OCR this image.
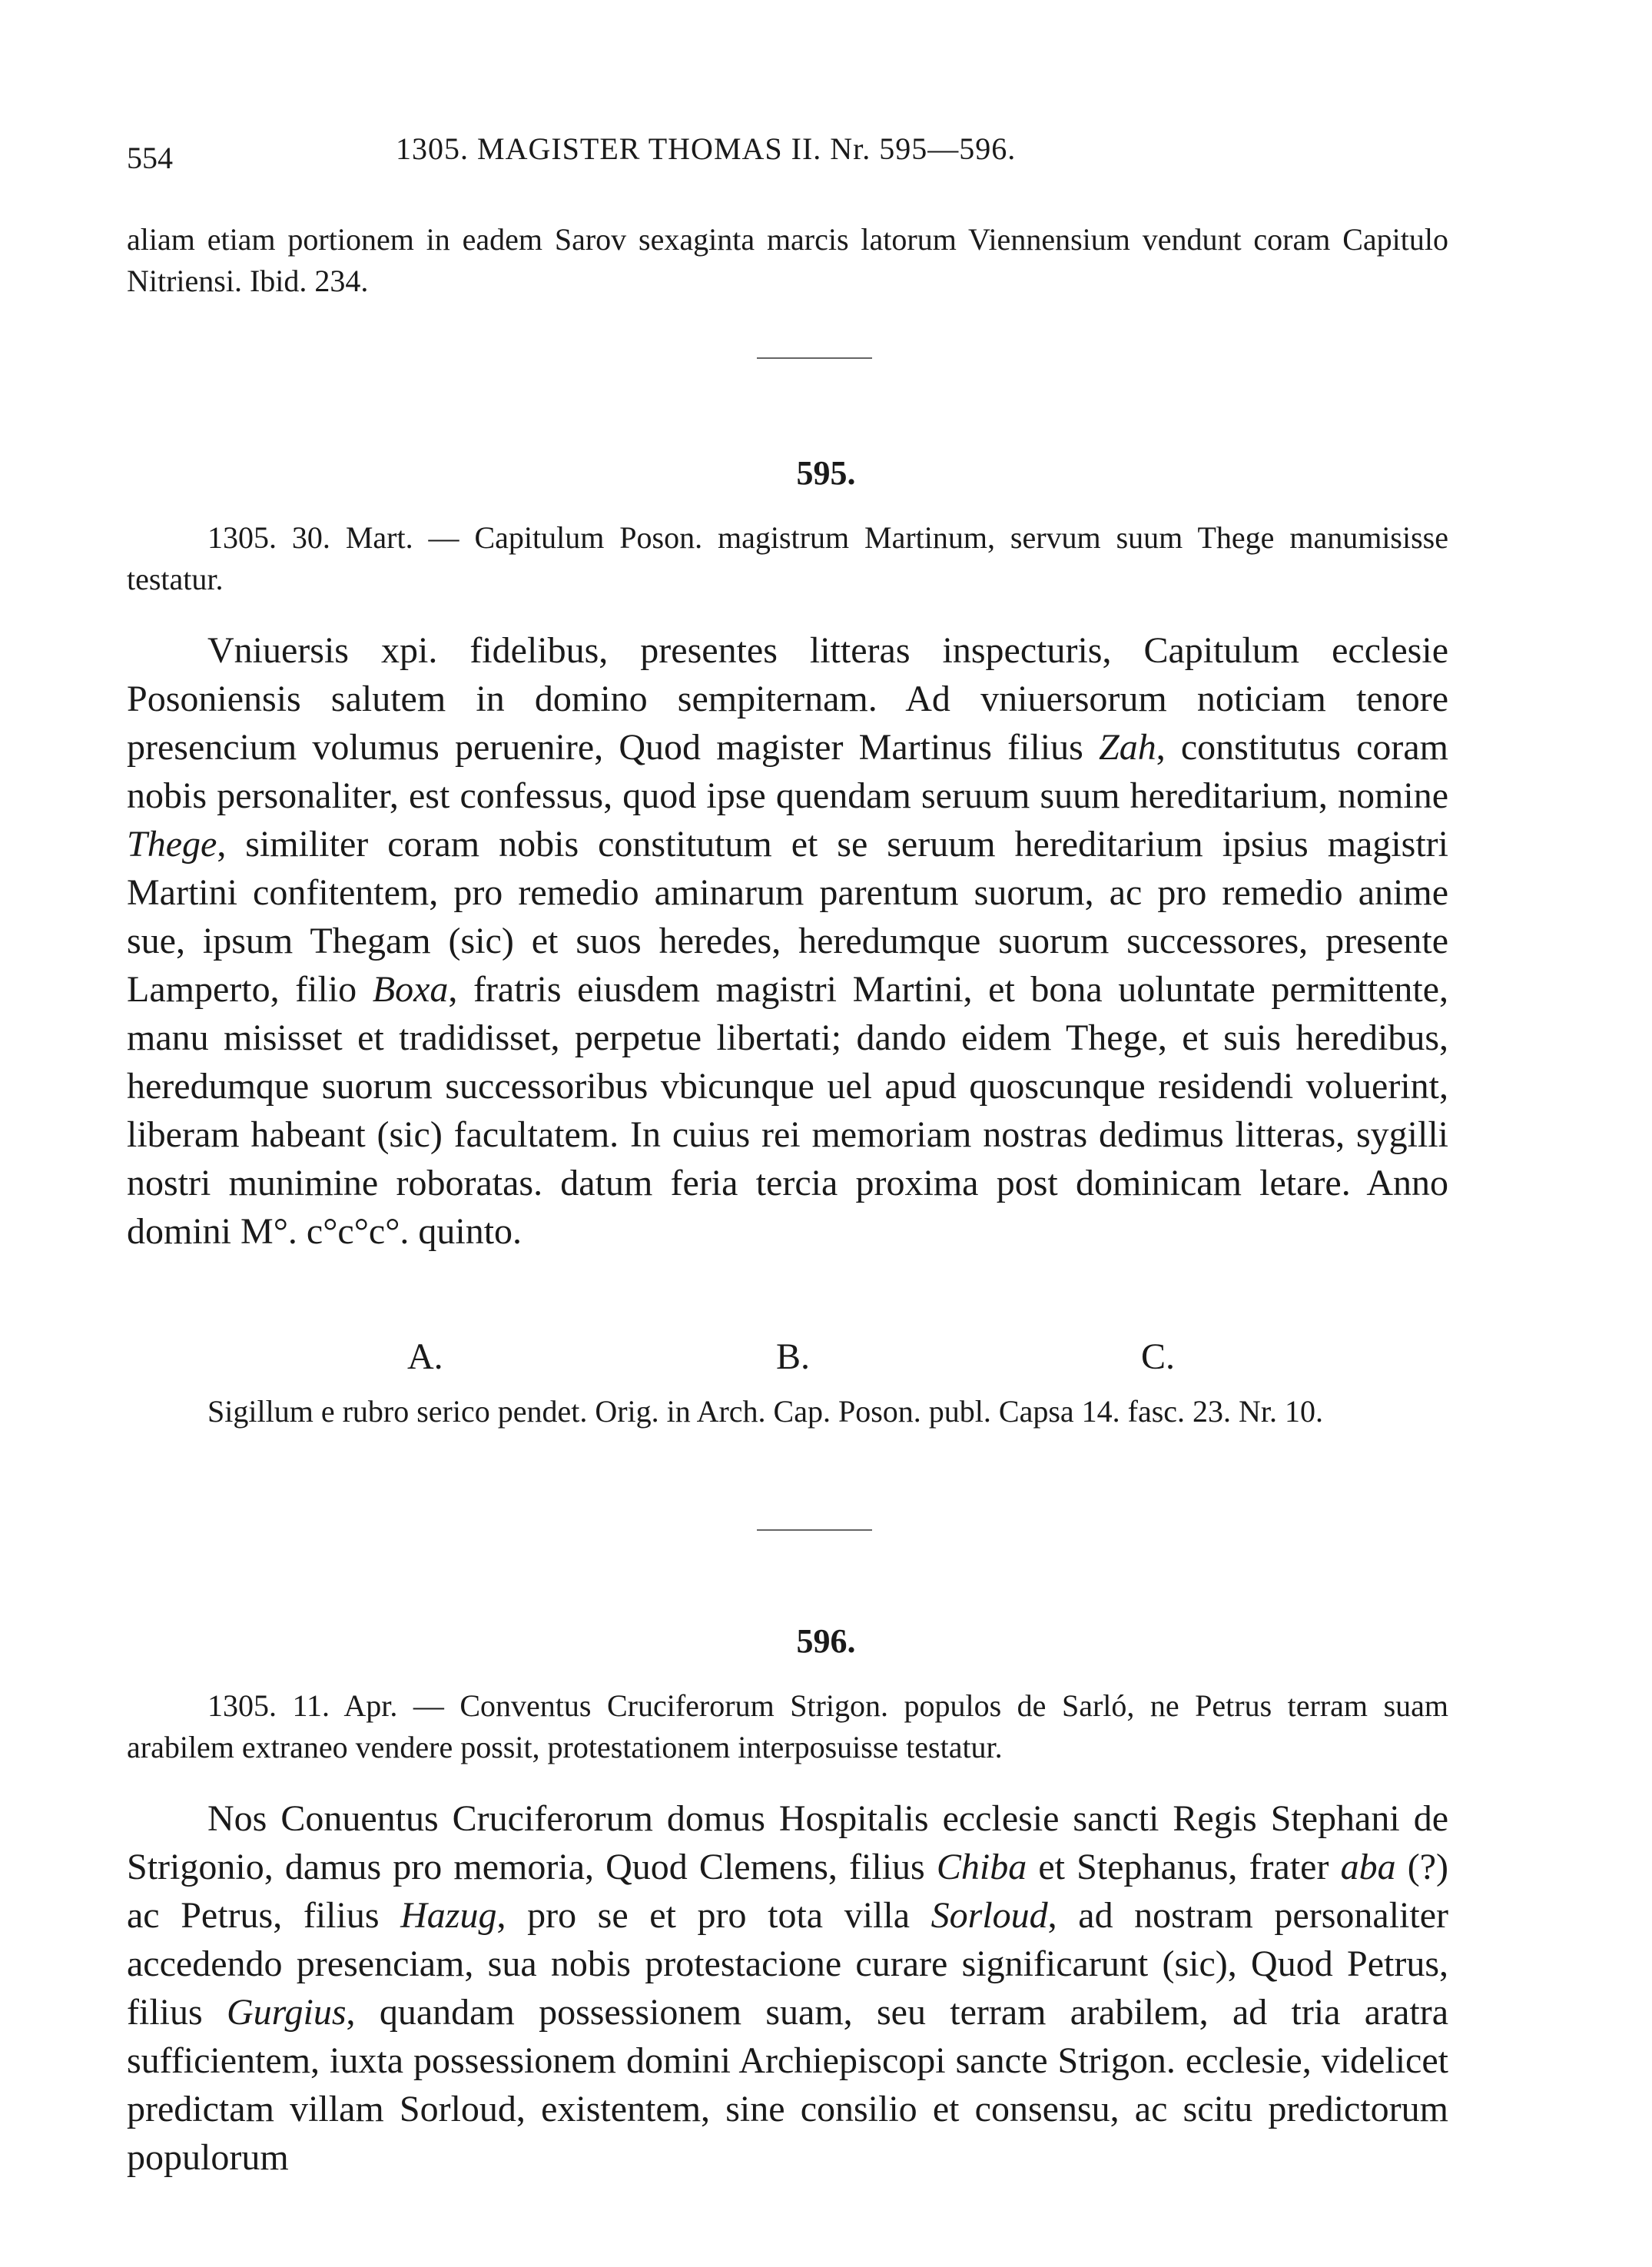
554	1305. MAGISTER THOMAS II. Nr. 595—596.
aliam etiam portionem in eadem Sarov sexaginta marcis latorum Viennensium vendunt coram Capitulo Nitriensi. Ibid. 234.
595.
1305. 30. Mart. — Capitulum Poson. magistrum Martinum, servum suum Thege manumisisse testatur.

Vniuersis xpi. fidelibus, presentes litteras inspecturis, Capitulum ecclesie Posoniensis salutem in domino sempiternam. Ad vniuersorum noticiam tenore presencium volumus peruenire, Quod magister Martinus filius Zah, constitutus coram nobis personaliter, est confessus, quod ipse quendam seruum suum hereditarium, nomine Thege, similiter coram nobis constitutum et se seruum hereditarium ipsius magistri Martini confitentem, pro remedio aminarum parentum suorum, ac pro remedio anime sue, ipsum Thegam (sic) et suos heredes, heredumque suorum successores, presente Lamperto, filio Boxa, fratris eiusdem magistri Martini, et bona uoluntate permittente, manu misisset et tradidisset, perpetue libertati; dando eidem Thege, et suis heredibus, heredumque suorum successoribus vbicunque uel apud quoscunque residendi voluerint, liberam habeant (sic) facultatem. In cuius rei memoriam nostras dedimus litteras, sygilli nostri munimine roboratas. datum feria tercia proxima post dominicam letare. Anno domini M°. c°c°c°. quinto.

A.	B.	C.
Sigillum e rubro serico pendet. Orig. in Arch. Cap. Poson. publ. Capsa 14. fasc. 23. Nr. 10.
596.
1305. 11. Apr. — Conventus Cruciferorum Strigon. populos de Sarló, ne Petrus terram suam arabilem extraneo vendere possit, protestationem interposuisse testatur.

Nos Conuentus Cruciferorum domus Hospitalis ecclesie sancti Regis Stephani de Strigonio, damus pro memoria, Quod Clemens, filius Chiba et Stephanus, frater aba (?) ac Petrus, filius Hazug, pro se et pro tota villa Sorloud, ad nostram personaliter accedendo presenciam, sua nobis protestacione curare significarunt (sic), Quod Petrus, filius Gurgius, quandam possessionem suam, seu terram arabilem, ad tria aratra sufficientem, iuxta possessionem domini Archiepiscopi sancte Strigon. ecclesie, videlicet predictam villam Sorloud, existentem, sine consilio et consensu, ac scitu predictorum populorum
